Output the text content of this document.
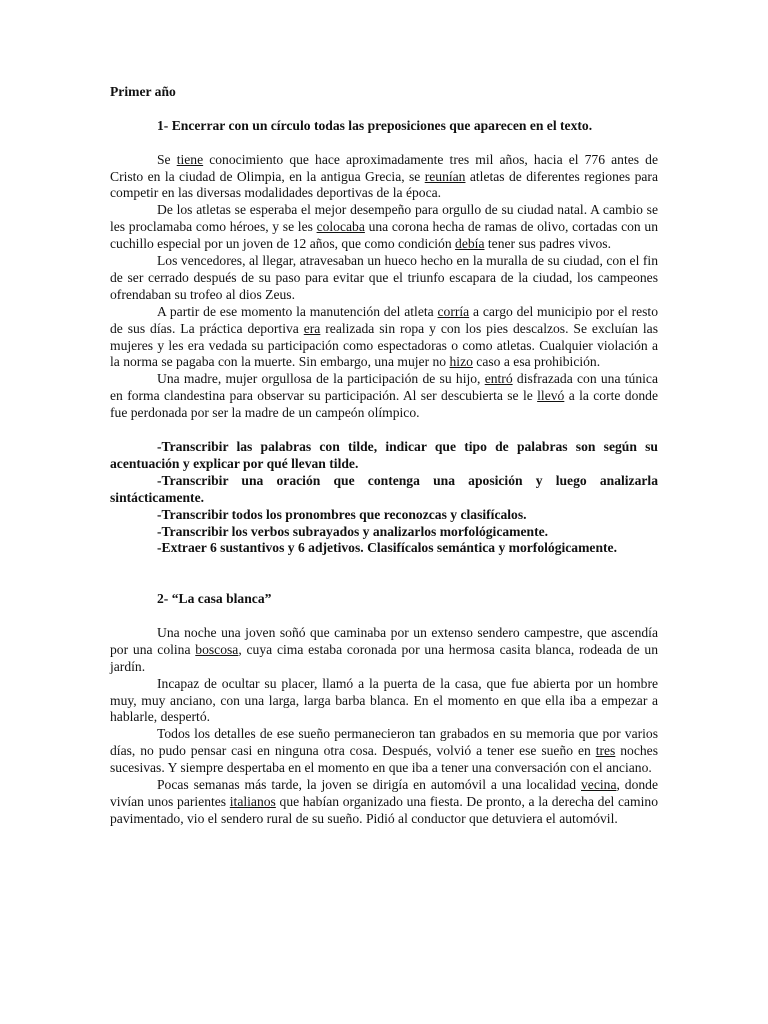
Primer año

1- Encerrar con un círculo todas las preposiciones que aparecen en el texto.

Se tiene conocimiento que hace aproximadamente tres mil años, hacia el 776 antes de Cristo en la ciudad de Olimpia, en la antigua Grecia, se reunían atletas de diferentes regiones para competir en las diversas modalidades deportivas de la época.

De los atletas se esperaba el mejor desempeño para orgullo de su ciudad natal. A cambio se les proclamaba como héroes, y se les colocaba una corona hecha de ramas de olivo, cortadas con un cuchillo especial por un joven de 12 años, que como condición debía tener sus padres vivos.

Los vencedores, al llegar, atravesaban un hueco hecho en la muralla de su ciudad, con el fin de ser cerrado después de su paso para evitar que el triunfo escapara de la ciudad, los campeones ofrendaban su trofeo al dios Zeus.

A partir de ese momento la manutención del atleta corría a cargo del municipio por el resto de sus días. La práctica deportiva era realizada sin ropa y con los pies descalzos. Se excluían las mujeres y les era vedada su participación como espectadoras o como atletas. Cualquier violación a la norma se pagaba con la muerte. Sin embargo, una mujer no hizo caso a esa prohibición.

Una madre, mujer orgullosa de la participación de su hijo, entró disfrazada con una túnica en forma clandestina para observar su participación. Al ser descubierta se le llevó a la corte donde fue perdonada por ser la madre de un campeón olímpico.

-Transcribir las palabras con tilde, indicar que tipo de palabras son según su acentuación y explicar por qué llevan tilde.

-Transcribir una oración que contenga una aposición y luego analizarla sintácticamente.

-Transcribir todos los pronombres que reconozcas y clasifícalos.

-Transcribir los verbos subrayados y analizarlos morfológicamente.

-Extraer 6 sustantivos y 6 adjetivos. Clasifícalos semántica y morfológicamente.

2- “La casa blanca”

Una noche una joven soñó que caminaba por un extenso sendero campestre, que ascendía por una colina boscosa, cuya cima estaba coronada por una hermosa casita blanca, rodeada de un jardín.

Incapaz de ocultar su placer, llamó a la puerta de la casa, que fue abierta por un hombre muy, muy anciano, con una larga, larga barba blanca. En el momento en que ella iba a empezar a hablarle, despertó.

Todos los detalles de ese sueño permanecieron tan grabados en su memoria que por varios días, no pudo pensar casi en ninguna otra cosa. Después, volvió a tener ese sueño en tres noches sucesivas. Y siempre despertaba en el momento en que iba a tener una conversación con el anciano.

Pocas semanas más tarde, la joven se dirigía en automóvil a una localidad vecina, donde vivían unos parientes italianos que habían organizado una fiesta. De pronto, a la derecha del camino pavimentado, vio el sendero rural de su sueño. Pidió al conductor que detuviera el automóvil.
